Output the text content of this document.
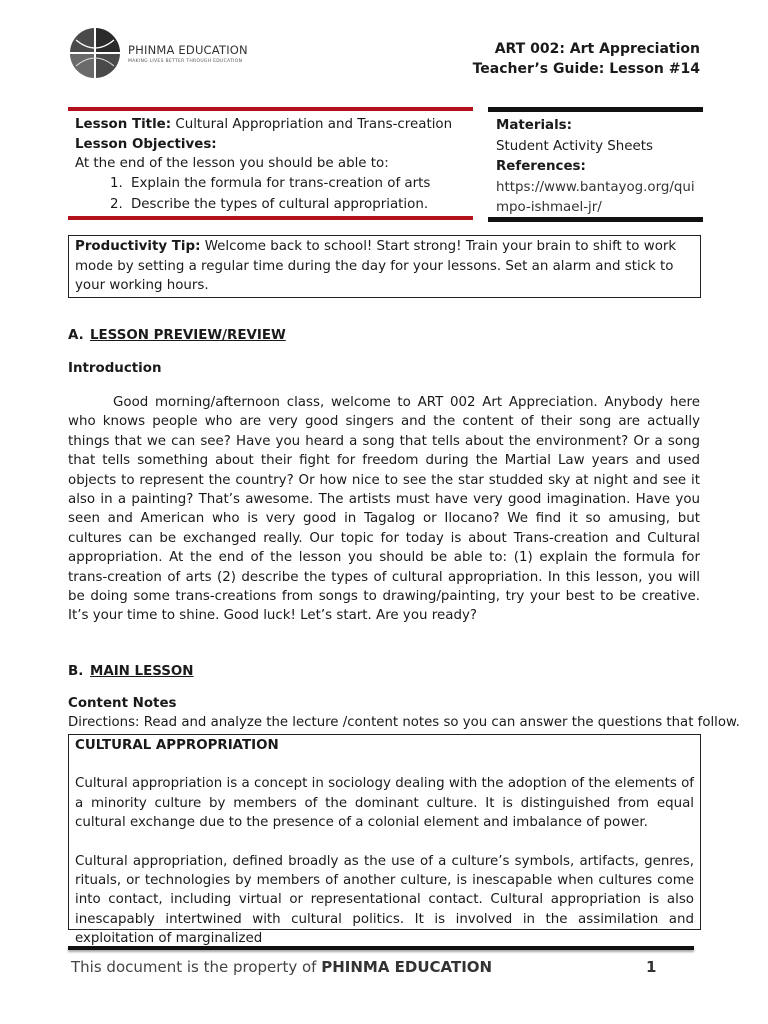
PHINMA EDUCATION
MAKING LIVES BETTER THROUGH EDUCATION
ART 002: Art Appreciation
Teacher’s Guide: Lesson #14
Lesson Title: Cultural Appropriation and Trans-creation
Lesson Objectives:
At the end of the lesson you should be able to:
1. Explain the formula for trans-creation of arts
2. Describe the types of cultural appropriation.
Materials:
Student Activity Sheets
References:
https://www.bantayog.org/quimpo-ishmael-jr/
Productivity Tip: Welcome back to school! Start strong! Train your brain to shift to work mode by setting a regular time during the day for your lessons. Set an alarm and stick to your working hours.
A. LESSON PREVIEW/REVIEW
Introduction

Good morning/afternoon class, welcome to ART 002 Art Appreciation. Anybody here who knows people who are very good singers and the content of their song are actually things that we can see? Have you heard a song that tells about the environment? Or a song that tells something about their fight for freedom during the Martial Law years and used objects to represent the country? Or how nice to see the star studded sky at night and see it also in a painting? That’s awesome. The artists must have very good imagination. Have you seen and American who is very good in Tagalog or Ilocano? We find it so amusing, but cultures can be exchanged really. Our topic for today is about Trans-creation and Cultural appropriation. At the end of the lesson you should be able to: (1) explain the formula for trans-creation of arts (2) describe the types of cultural appropriation. In this lesson, you will be doing some trans-creations from songs to drawing/painting, try your best to be creative. It’s your time to shine. Good luck! Let’s start. Are you ready?

B. MAIN LESSON
Content Notes
Directions: Read and analyze the lecture /content notes so you can answer the questions that follow.
CULTURAL APPROPRIATION

Cultural appropriation is a concept in sociology dealing with the adoption of the elements of a minority culture by members of the dominant culture. It is distinguished from equal cultural exchange due to the presence of a colonial element and imbalance of power.

Cultural appropriation, defined broadly as the use of a culture’s symbols, artifacts, genres, rituals, or technologies by members of another culture, is inescapable when cultures come into contact, including virtual or representational contact. Cultural appropriation is also inescapably intertwined with cultural politics. It is involved in the assimilation and exploitation of marginalized

This document is the property of PHINMA EDUCATION	1
